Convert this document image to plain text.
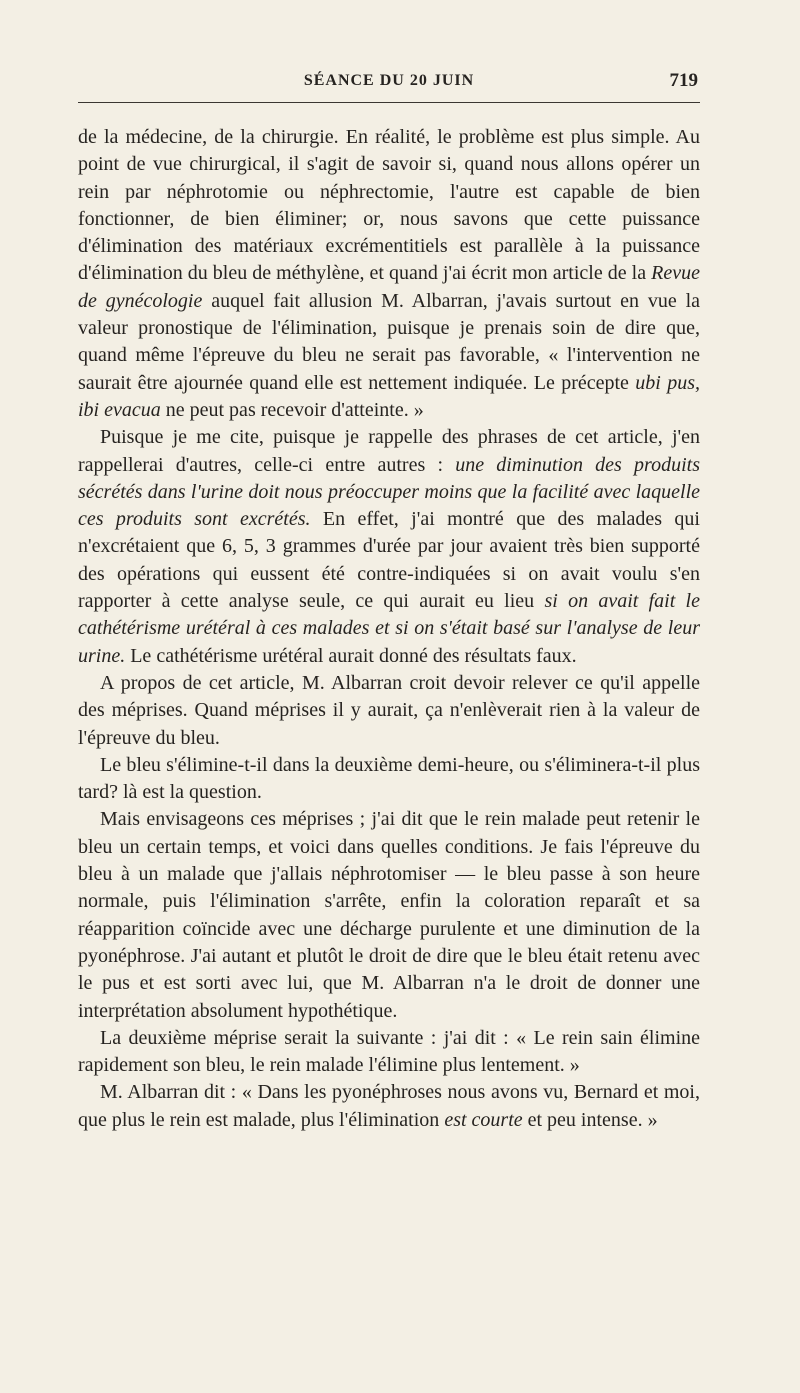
SÉANCE DU 20 JUIN	719

de la médecine, de la chirurgie. En réalité, le problème est plus simple. Au point de vue chirurgical, il s'agit de savoir si, quand nous allons opérer un rein par néphrotomie ou néphrectomie, l'autre est capable de bien fonctionner, de bien éliminer; or, nous savons que cette puissance d'élimination des matériaux excrémentitiels est parallèle à la puissance d'élimination du bleu de méthylène, et quand j'ai écrit mon article de la Revue de gynécologie auquel fait allusion M. Albarran, j'avais surtout en vue la valeur pronostique de l'élimination, puisque je prenais soin de dire que, quand même l'épreuve du bleu ne serait pas favorable, « l'intervention ne saurait être ajournée quand elle est nettement indiquée. Le précepte ubi pus, ibi evacua ne peut pas recevoir d'atteinte. »

Puisque je me cite, puisque je rappelle des phrases de cet article, j'en rappellerai d'autres, celle-ci entre autres : une diminution des produits sécrétés dans l'urine doit nous préoccuper moins que la facilité avec laquelle ces produits sont excrétés. En effet, j'ai montré que des malades qui n'excrétaient que 6, 5, 3 grammes d'urée par jour avaient très bien supporté des opérations qui eussent été contre-indiquées si on avait voulu s'en rapporter à cette analyse seule, ce qui aurait eu lieu si on avait fait le cathétérisme urétéral à ces malades et si on s'était basé sur l'analyse de leur urine. Le cathétérisme urétéral aurait donné des résultats faux.

A propos de cet article, M. Albarran croit devoir relever ce qu'il appelle des méprises. Quand méprises il y aurait, ça n'enlèverait rien à la valeur de l'épreuve du bleu.

Le bleu s'élimine-t-il dans la deuxième demi-heure, ou s'éliminera-t-il plus tard? là est la question.

Mais envisageons ces méprises ; j'ai dit que le rein malade peut retenir le bleu un certain temps, et voici dans quelles conditions. Je fais l'épreuve du bleu à un malade que j'allais néphrotomiser — le bleu passe à son heure normale, puis l'élimination s'arrête, enfin la coloration reparaît et sa réapparition coïncide avec une décharge purulente et une diminution de la pyonéphrose. J'ai autant et plutôt le droit de dire que le bleu était retenu avec le pus et est sorti avec lui, que M. Albarran n'a le droit de donner une interprétation absolument hypothétique.

La deuxième méprise serait la suivante : j'ai dit : « Le rein sain élimine rapidement son bleu, le rein malade l'élimine plus lentement. »

M. Albarran dit : « Dans les pyonéphroses nous avons vu, Bernard et moi, que plus le rein est malade, plus l'élimination est courte et peu intense. »
